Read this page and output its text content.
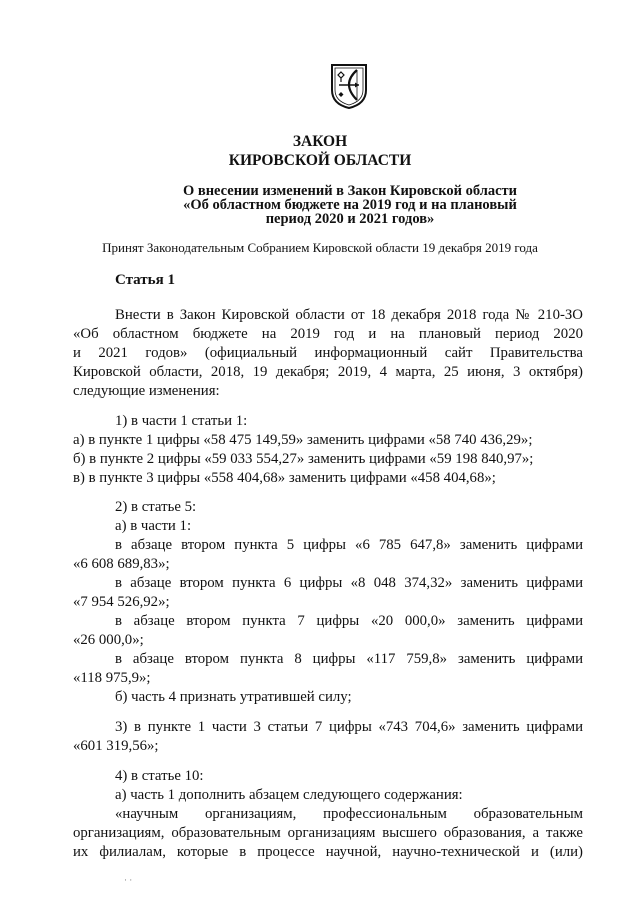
ЗАКОН
КИРОВСКОЙ ОБЛАСТИ
О внесении изменений в Закон Кировской области
«Об областном бюджете на 2019 год и на плановый
период 2020 и 2021 годов»
Принят Законодательным Собранием Кировской области 19 декабря 2019 года
Статья 1
Внести в Закон Кировской области от 18 декабря 2018 года № 210-ЗО
«Об областном бюджете на 2019 год и на плановый период 2020
и 2021 годов» (официальный информационный сайт Правительства
Кировской области, 2018, 19 декабря; 2019, 4 марта, 25 июня, 3 октября)
следующие изменения:
1) в части 1 статьи 1:
а) в пункте 1 цифры «58 475 149,59» заменить цифрами «58 740 436,29»;
б) в пункте 2 цифры «59 033 554,27» заменить цифрами «59 198 840,97»;
в) в пункте 3 цифры «558 404,68» заменить цифрами «458 404,68»;
2) в статье 5:
а) в части 1:
в абзаце втором пункта 5 цифры «6 785 647,8» заменить цифрами
«6 608 689,83»;
в абзаце втором пункта 6 цифры «8 048 374,32» заменить цифрами
«7 954 526,92»;
в абзаце втором пункта 7 цифры «20 000,0» заменить цифрами
«26 000,0»;
в абзаце втором пункта 8 цифры «117 759,8» заменить цифрами
«118 975,9»;
б) часть 4 признать утратившей силу;
3) в пункте 1 части 3 статьи 7 цифры «743 704,6» заменить цифрами
«601 319,56»;
4) в статье 10:
а) часть 1 дополнить абзацем следующего содержания:
«научным организациям, профессиональным образовательным
организациям, образовательным организациям высшего образования, а также
их филиалам, которые в процессе научной, научно-технической и (или)
· ·
